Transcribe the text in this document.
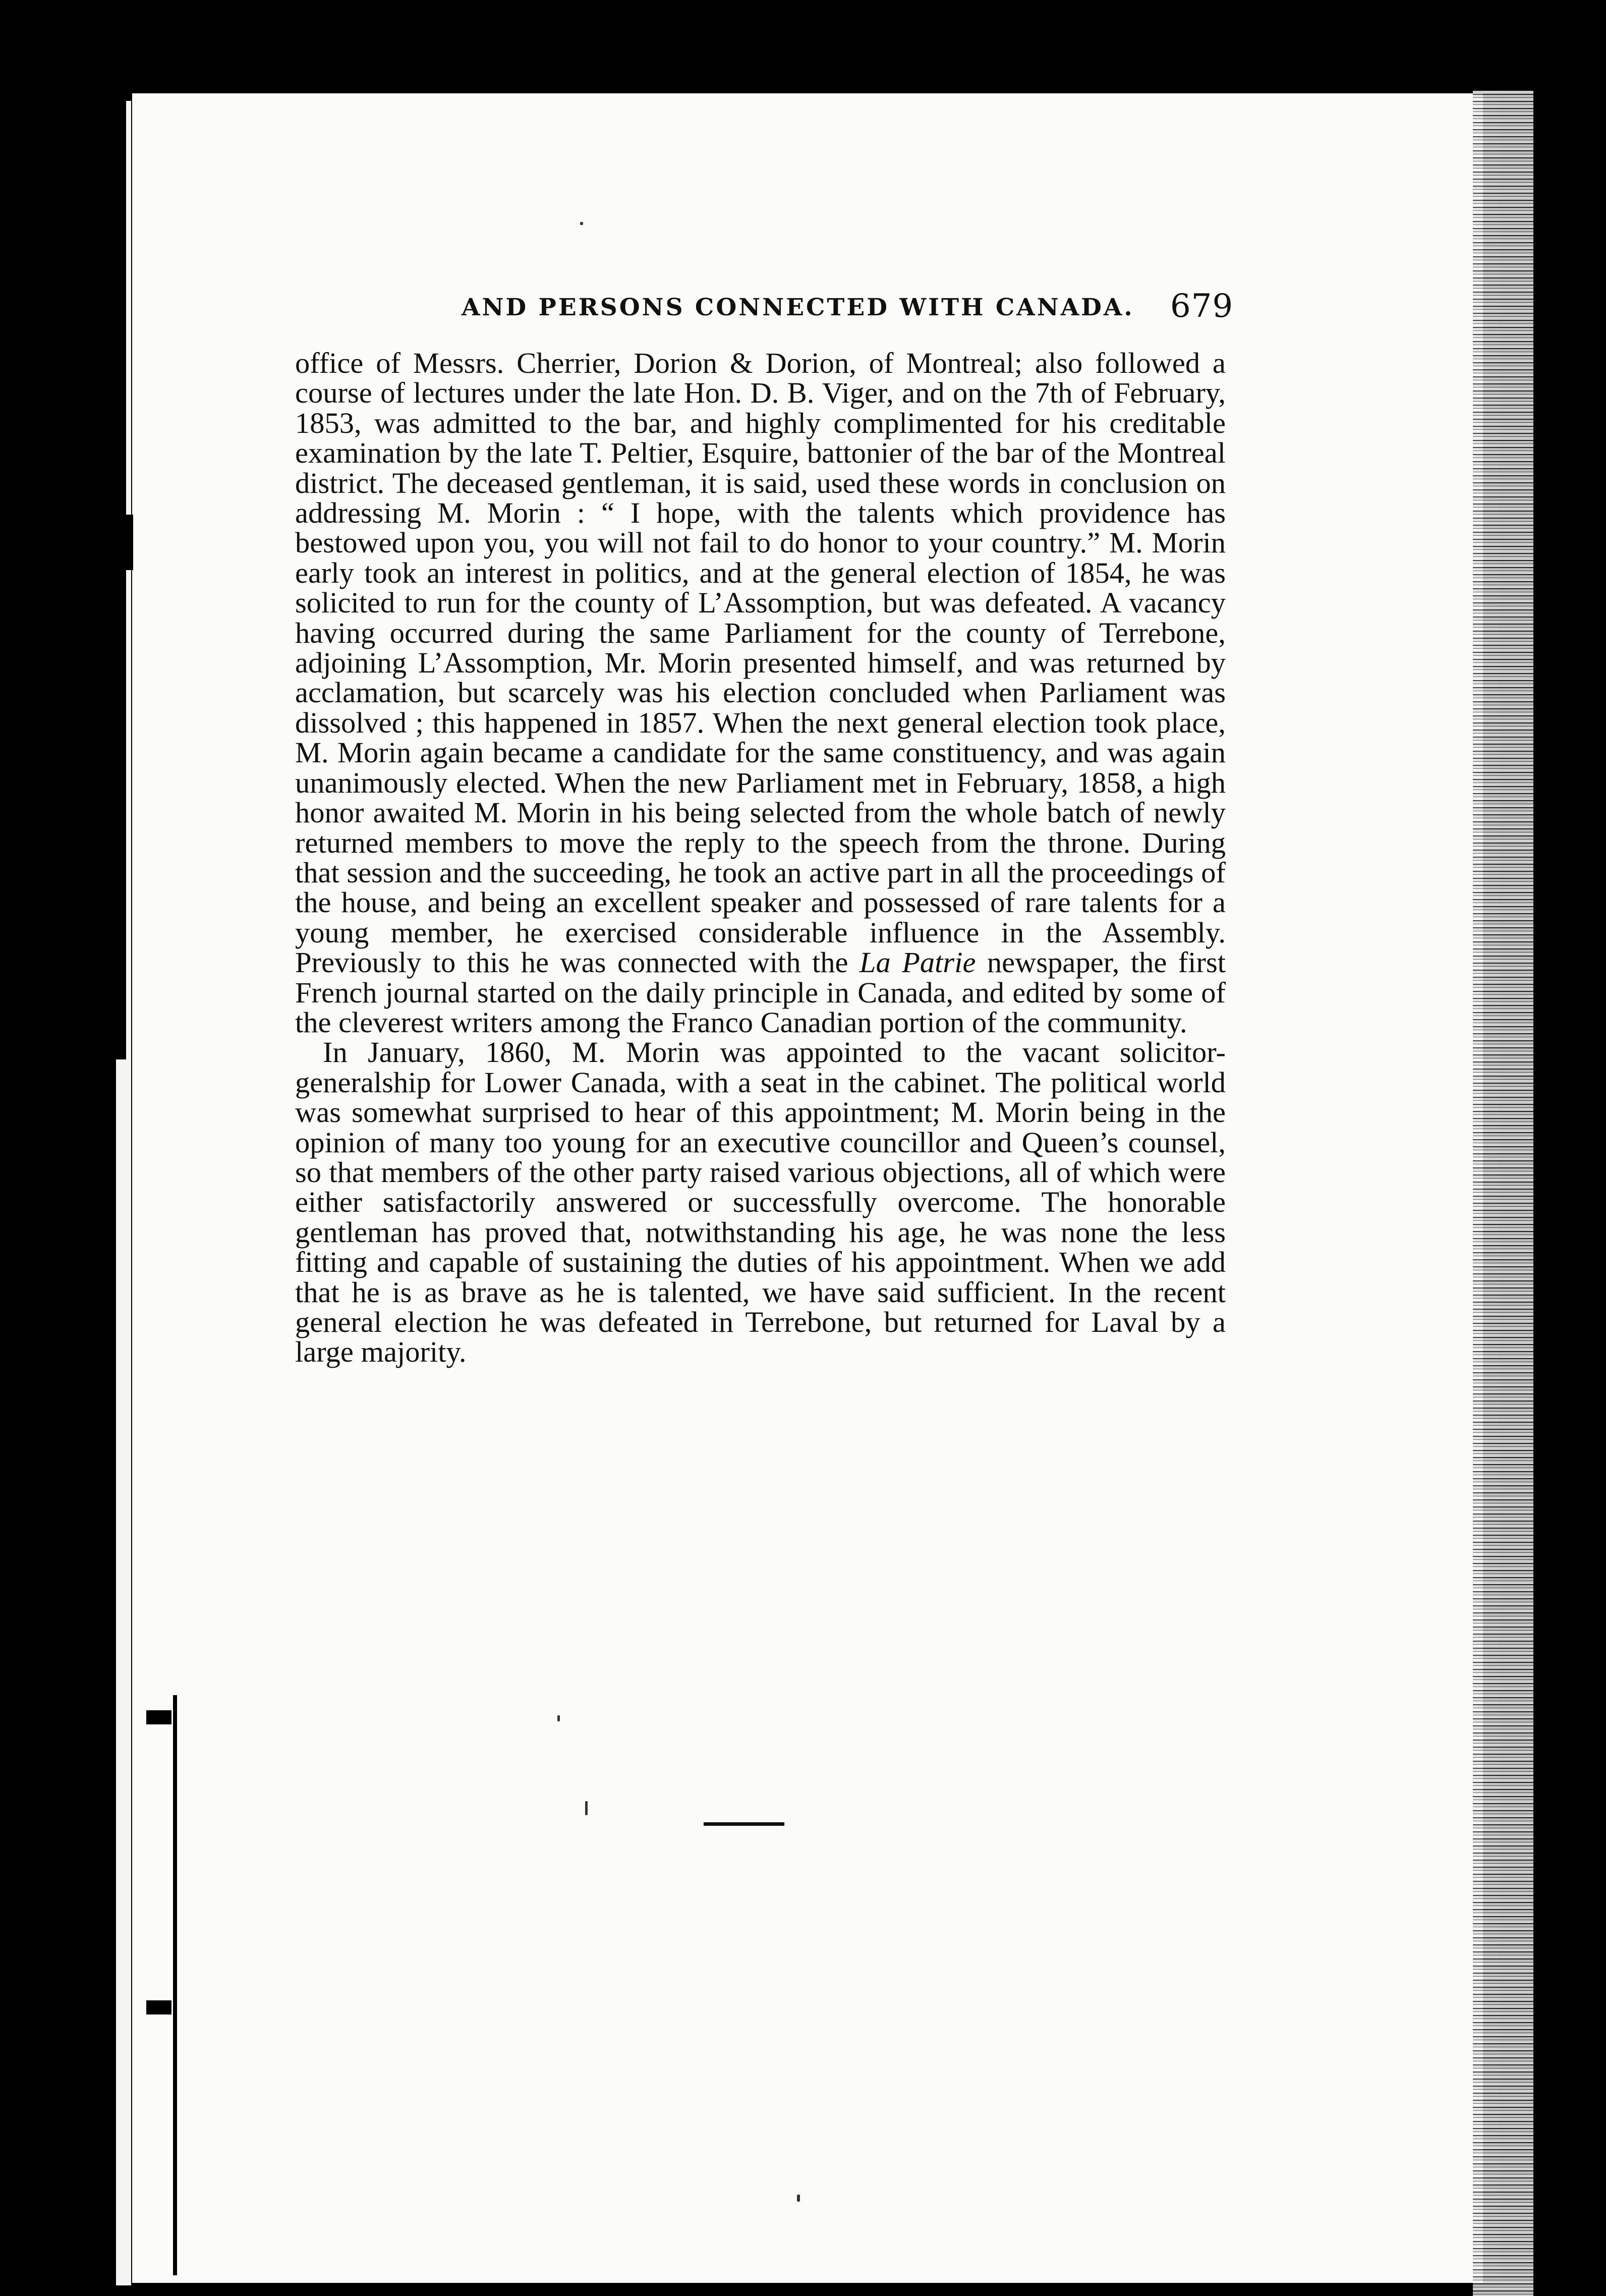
AND PERSONS CONNECTED WITH CANADA. 679

office of Messrs. Cherrier, Dorion & Dorion, of Montreal; also followed a course of lectures under the late Hon. D. B. Viger, and on the 7th of February, 1853, was admitted to the bar, and highly complimented for his creditable examination by the late T. Peltier, Esquire, battonier of the bar of the Montreal district. The deceased gentleman, it is said, used these words in conclusion on addressing M. Morin : “ I hope, with the talents which providence has bestowed upon you, you will not fail to do honor to your country.” M. Morin early took an interest in politics, and at the general election of 1854, he was solicited to run for the county of L’Assomption, but was defeated. A vacancy having occurred during the same Parliament for the county of Terrebone, adjoining L’Assomption, Mr. Morin presented himself, and was returned by acclamation, but scarcely was his election concluded when Parliament was dissolved ; this happened in 1857. When the next general election took place, M. Morin again became a candidate for the same constituency, and was again unanimously elected. When the new Parliament met in February, 1858, a high honor awaited M. Morin in his being selected from the whole batch of newly returned members to move the reply to the speech from the throne. During that session and the succeeding, he took an active part in all the proceedings of the house, and being an excellent speaker and possessed of rare talents for a young member, he exercised considerable influence in the Assembly. Previously to this he was connected with the La Patrie newspaper, the first French journal started on the daily principle in Canada, and edited by some of the cleverest writers among the Franco Canadian portion of the community.

In January, 1860, M. Morin was appointed to the vacant solicitor-generalship for Lower Canada, with a seat in the cabinet. The political world was somewhat surprised to hear of this appointment; M. Morin being in the opinion of many too young for an executive councillor and Queen’s counsel, so that members of the other party raised various objections, all of which were either satisfactorily answered or successfully overcome. The honorable gentleman has proved that, notwithstanding his age, he was none the less fitting and capable of sustaining the duties of his appointment. When we add that he is as brave as he is talented, we have said sufficient. In the recent general election he was defeated in Terrebone, but returned for Laval by a large majority.
